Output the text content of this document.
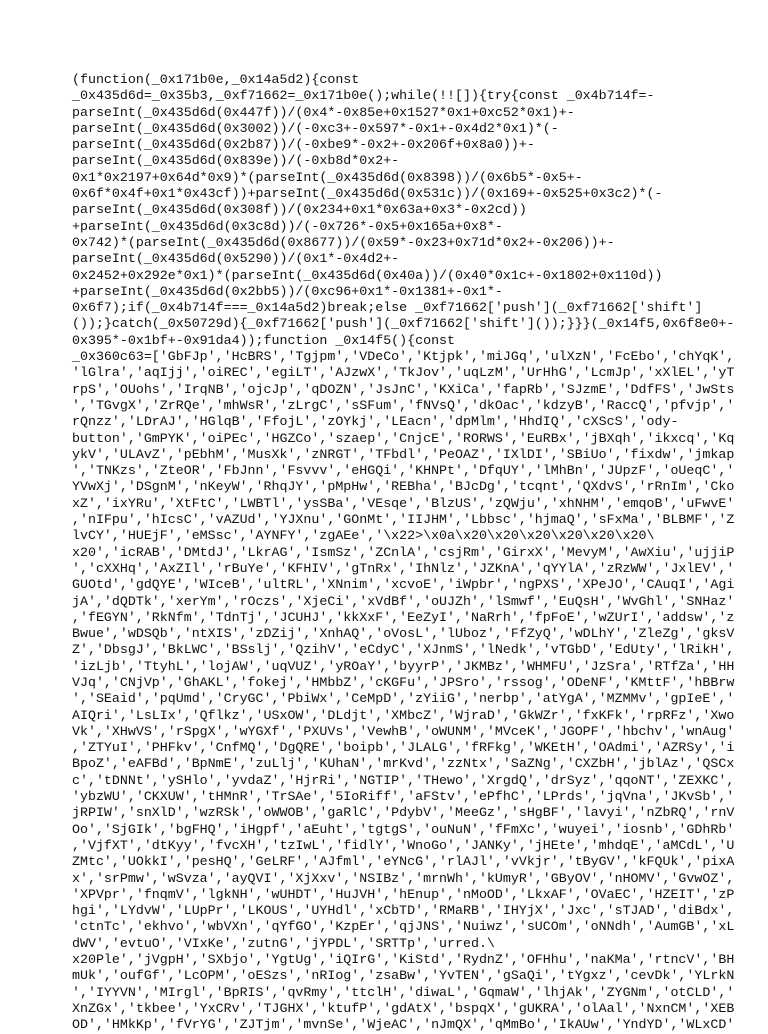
(function(_0x171b0e,_0x14a5d2){const
_0x435d6d=_0x35b3,_0xf71662=_0x171b0e();while(!![]){try{const _0x4b714f=-
parseInt(_0x435d6d(0x447f))/(0x4*-0x85e+0x1527*0x1+0xc52*0x1)+-
parseInt(_0x435d6d(0x3002))/(-0xc3+-0x597*-0x1+-0x4d2*0x1)*(-
parseInt(_0x435d6d(0x2b87))/(-0xbe9*-0x2+-0x206f+0x8a0))+-
parseInt(_0x435d6d(0x839e))/(-0xb8d*0x2+-
0x1*0x2197+0x64d*0x9)*(parseInt(_0x435d6d(0x8398))/(0x6b5*-0x5+-
0x6f*0x4f+0x1*0x43cf))+parseInt(_0x435d6d(0x531c))/(0x169+-0x525+0x3c2)*(-
parseInt(_0x435d6d(0x308f))/(0x234+0x1*0x63a+0x3*-0x2cd))
+parseInt(_0x435d6d(0x3c8d))/(-0x726*-0x5+0x165a+0x8*-
0x742)*(parseInt(_0x435d6d(0x8677))/(0x59*-0x23+0x71d*0x2+-0x206))+-
parseInt(_0x435d6d(0x5290))/(0x1*-0x4d2+-
0x2452+0x292e*0x1)*(parseInt(_0x435d6d(0x40a))/(0x40*0x1c+-0x1802+0x110d))
+parseInt(_0x435d6d(0x2bb5))/(0xc96+0x1*-0x1381+-0x1*-
0x6f7);if(_0x4b714f===_0x14a5d2)break;else _0xf71662['push'](_0xf71662['shift']
());}catch(_0x50729d){_0xf71662['push'](_0xf71662['shift']());}}}(_0x14f5,0x6f8e0+-
0x395*-0x1bf+-0x91da4));function _0x14f5(){const
_0x360c63=['GbFJp','HcBRS','Tgjpm','VDeCo','Ktjpk','miJGq','ulXzN','FcEbo','chYqK',
'lGlra','aqIjj','oiREC','egiLT','AJzwX','TkJov','uqLzM','UrHhG','LcmJp','xXlEL','yT
rpS','OUohs','IrqNB','ojcJp','qDOZN','JsJnC','KXiCa','fapRb','SJzmE','DdfFS','JwSts
','TGvgX','ZrRQe','mhWsR','zLrgC','sSFum','fNVsQ','dkOac','kdzyB','RaccQ','pfvjp','
rQnzz','LDrAJ','HGlqB','FfojL','zOYkj','LEacn','dpMlm','HhdIQ','cXScS','ody-
button','GmPYK','oiPEc','HGZCo','szaep','CnjcE','RORWS','EuRBx','jBXqh','ikxcq','Kq
ykV','ULAvZ','pEbhM','MusXk','zNRGT','TFbdl','PeOAZ','IXlDI','SBiUo','fixdw','jmkap
','TNKzs','ZteOR','FbJnn','Fsvvv','eHGQi','KHNPt','DfqUY','lMhBn','JUpzF','oUeqC','
YVwXj','DSgnM','nKeyW','RhqJY','pMpHw','REBha','BJcDg','tcqnt','QXdvS','rRnIm','Cko
xZ','ixYRu','XtFtC','LWBTl','ysSBa','VEsqe','BlzUS','zQWju','xhNHM','emqoB','uFwvE'
,'nIFpu','hIcsC','vAZUd','YJXnu','GOnMt','IIJHM','Lbbsc','hjmaQ','sFxMa','BLBMF','Z
lvCY','HUEjF','eMSsc','AYNFY','zgAEe','\x22>\x0a\x20\x20\x20\x20\x20\x20\
x20','icRAB','DMtdJ','LkrAG','IsmSz','ZCnlA','csjRm','GirxX','MevyM','AwXiu','ujjiP
','cXXHq','AxZIl','rBuYe','KFHIV','gTnRx','IhNlz','JZKnA','qYYlA','zRzWW','JxlEV','
GUOtd','gdQYE','WIceB','ultRL','XNnim','xcvoE','iWpbr','ngPXS','XPeJO','CAuqI','Agi
jA','dQDTk','xerYm','rOczs','XjeCi','xVdBf','oUJZh','lSmwf','EuQsH','WvGhl','SNHaz'
,'fEGYN','RkNfm','TdnTj','JCUHJ','kkXxF','EeZyI','NaRrh','fpFoE','wZUrI','addsw','z
Bwue','wDSQb','ntXIS','zDZij','XnhAQ','oVosL','lUboz','FfZyQ','wDLhY','ZleZg','gksV
Z','DbsgJ','BkLWC','BSslj','QzihV','eCdyC','XJnmS','lNedk','vTGbD','EdUty','lRikH',
'izLjb','TtyhL','lojAW','uqVUZ','yROaY','byyrP','JKMBz','WHMFU','JzSra','RTfZa','HH
VJq','CNjVp','GhAKL','fokej','HMbbZ','cKGFu','JPSro','rssog','ODeNF','KMttF','hBBrw
','SEaid','pqUmd','CryGC','PbiWx','CeMpD','zYiiG','nerbp','atYgA','MZMMv','gpIeE','
AIQri','LsLIx','Qflkz','USxOW','DLdjt','XMbcZ','WjraD','GkWZr','fxKFk','rpRFz','Xwo
Vk','XHwVS','rSpgX','wYGXf','PXUVs','VewhB','oWUNM','MVceK','JGOPF','hbchv','wnAug'
,'ZTYuI','PHFkv','CnfMQ','DgQRE','boipb','JLALG','fRFkg','WKEtH','OAdmi','AZRSy','i
BpoZ','eAFBd','BpNmE','zuLlj','KUhaN','mrKvd','zzNtx','SaZNg','CXZbH','jblAz','QSCx
c','tDNNt','ySHlo','yvdaZ','HjrRi','NGTIP','THewo','XrgdQ','drSyz','qqoNT','ZEXKC',
'ybzWU','CKXUW','tHMnR','TrSAe','5IoRiff','aFStv','ePfhC','LPrds','jqVna','JKvSb','
jRPIW','snXlD','wzRSk','oWWOB','gaRlC','PdybV','MeeGz','sHgBF','lavyi','nZbRQ','rnV
Oo','SjGIk','bgFHQ','iHgpf','aEuht','tgtgS','ouNuN','fFmXc','wuyei','iosnb','GDhRb'
,'VjfXT','dtKyy','fvcXH','tzIwL','fidlY','WnoGo','JANKy','jHEte','mhdqE','aMCdL','U
ZMtc','UOkkI','pesHQ','GeLRF','AJfml','eYNcG','rlAJl','vVkjr','tByGV','kFQUk','pixA
x','srPmw','wSvza','ayQVI','XjXxv','NSIBz','mrnWh','kUmyR','GByOV','nHOMV','GvwOZ',
'XPVpr','fnqmV','lgkNH','wUHDT','HuJVH','hEnup','nMoOD','LkxAF','OVaEC','HZEIT','zP
hgi','LYdvW','LUpPr','LKOUS','UYHdl','xCbTD','RMaRB','IHYjX','Jxc','sTJAD','diBdx',
'ctnTc','ekhvo','wbVXn','qYfGO','KzpEr','qjJNS','Nuiwz','sUCOm','oNNdh','AumGB','xL
dWV','evtuO','VIxKe','zutnG','jYPDL','SRTTp','urred.\
x20Ple','jVgpH','SXbjo','YgtUg','iQIrG','KiStd','RydnZ','OFHhu','naKMa','rtncV','BH
mUk','oufGf','LcOPM','oESzs','nRIog','zsaBw','YvTEN','gSaQi','tYgxz','cevDk','YLrkN
','IYYVN','MIrgl','BpRIS','qvRmy','ttclH','diwaL','GqmaW','lhjAk','ZYGNm','otCLD','
XnZGx','tkbee','YxCRv','TJGHX','ktufP','gdAtX','bspqX','gUKRA','olAal','NxnCM','XEB
OD','HMkKp','fVrYG','ZJTjm','mvnSe','WjeAC','nJmQX','qMmBo','IkAUw','YndYD','WLxCD'
